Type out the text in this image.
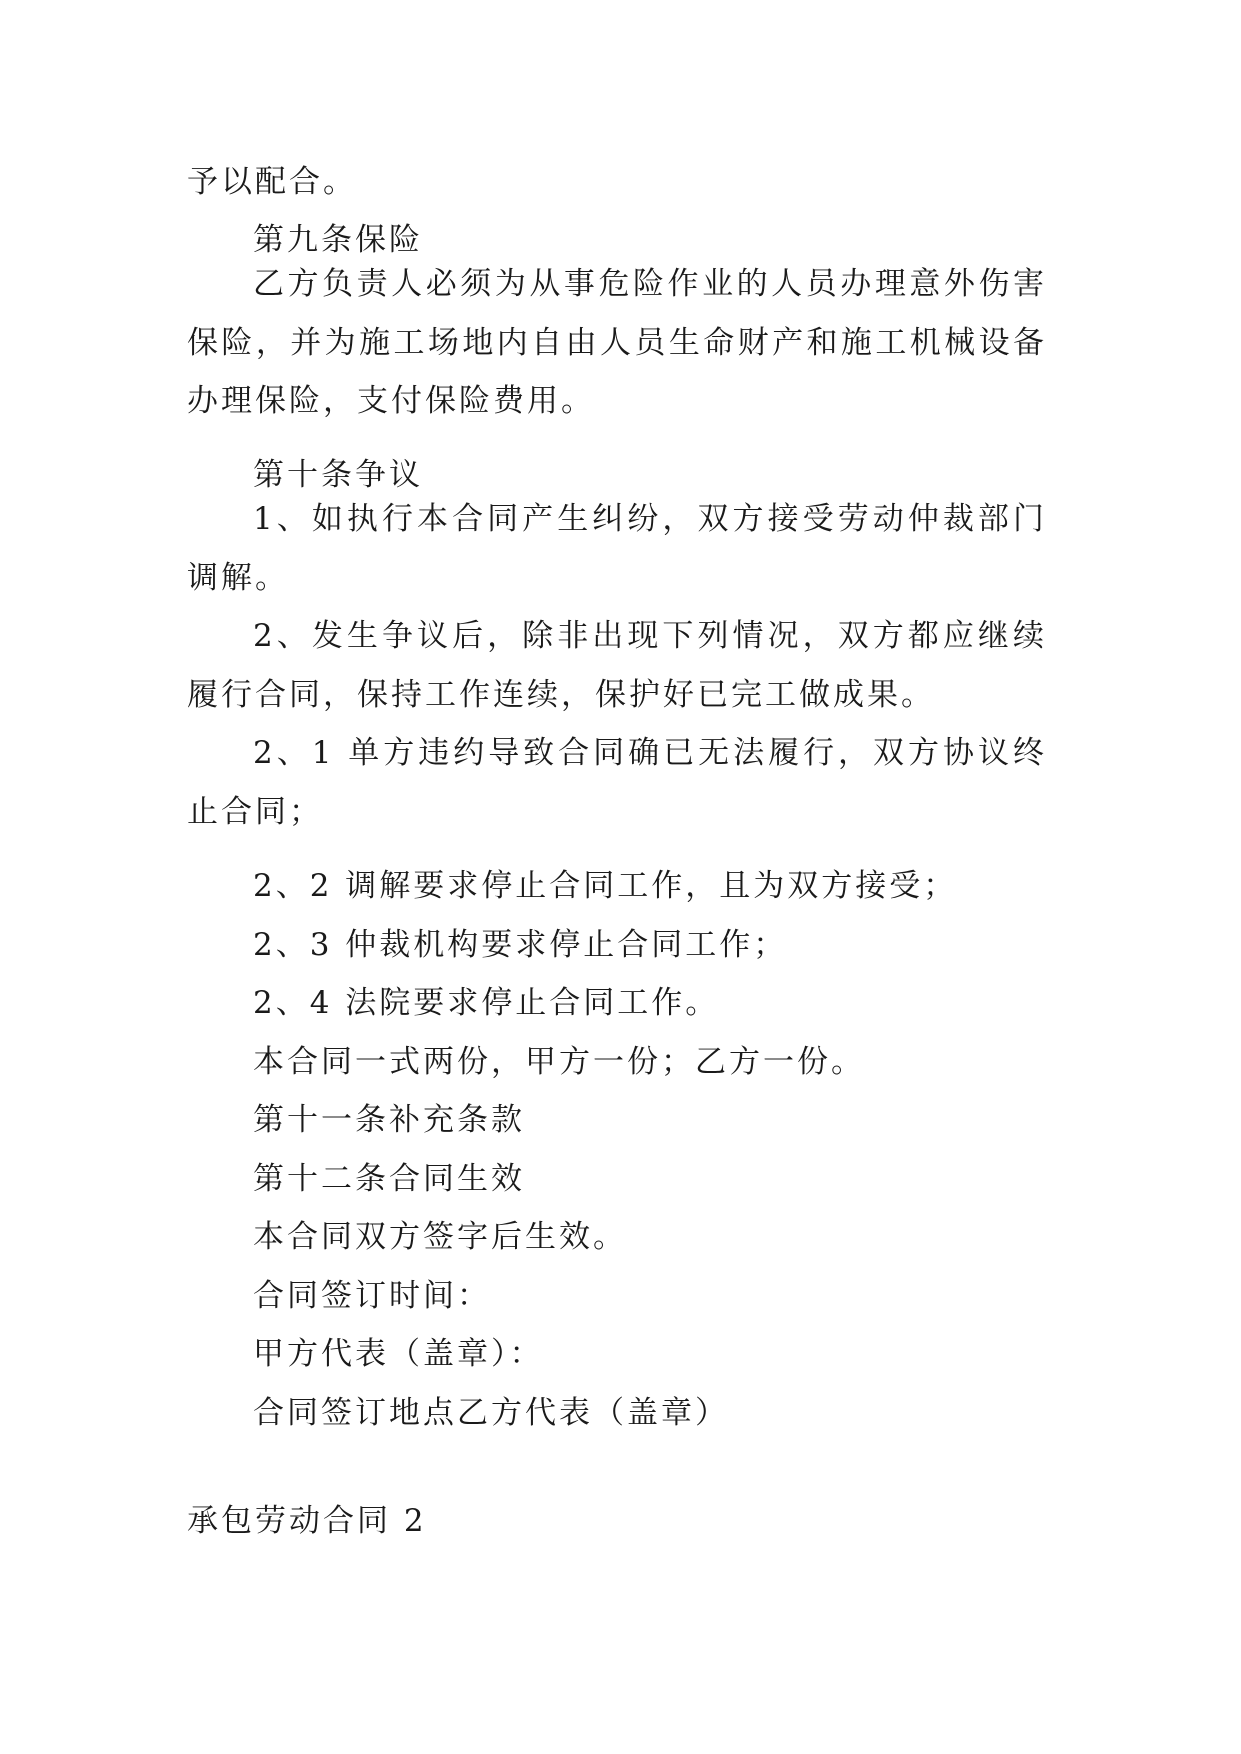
予以配合。

第九条保险

乙方负责人必须为从事危险作业的人员办理意外伤害保险，并为施工场地内自由人员生命财产和施工机械设备办理保险，支付保险费用。

第十条争议

1、如执行本合同产生纠纷，双方接受劳动仲裁部门调解。

2、发生争议后，除非出现下列情况，双方都应继续履行合同，保持工作连续，保护好已完工做成果。

2、1 单方违约导致合同确已无法履行，双方协议终止合同；

2、2 调解要求停止合同工作，且为双方接受；

2、3 仲裁机构要求停止合同工作；

2、4 法院要求停止合同工作。

本合同一式两份，甲方一份；乙方一份。

第十一条补充条款

第十二条合同生效

本合同双方签字后生效。

合同签订时间：

甲方代表（盖章）：

合同签订地点乙方代表（盖章）

承包劳动合同 2
